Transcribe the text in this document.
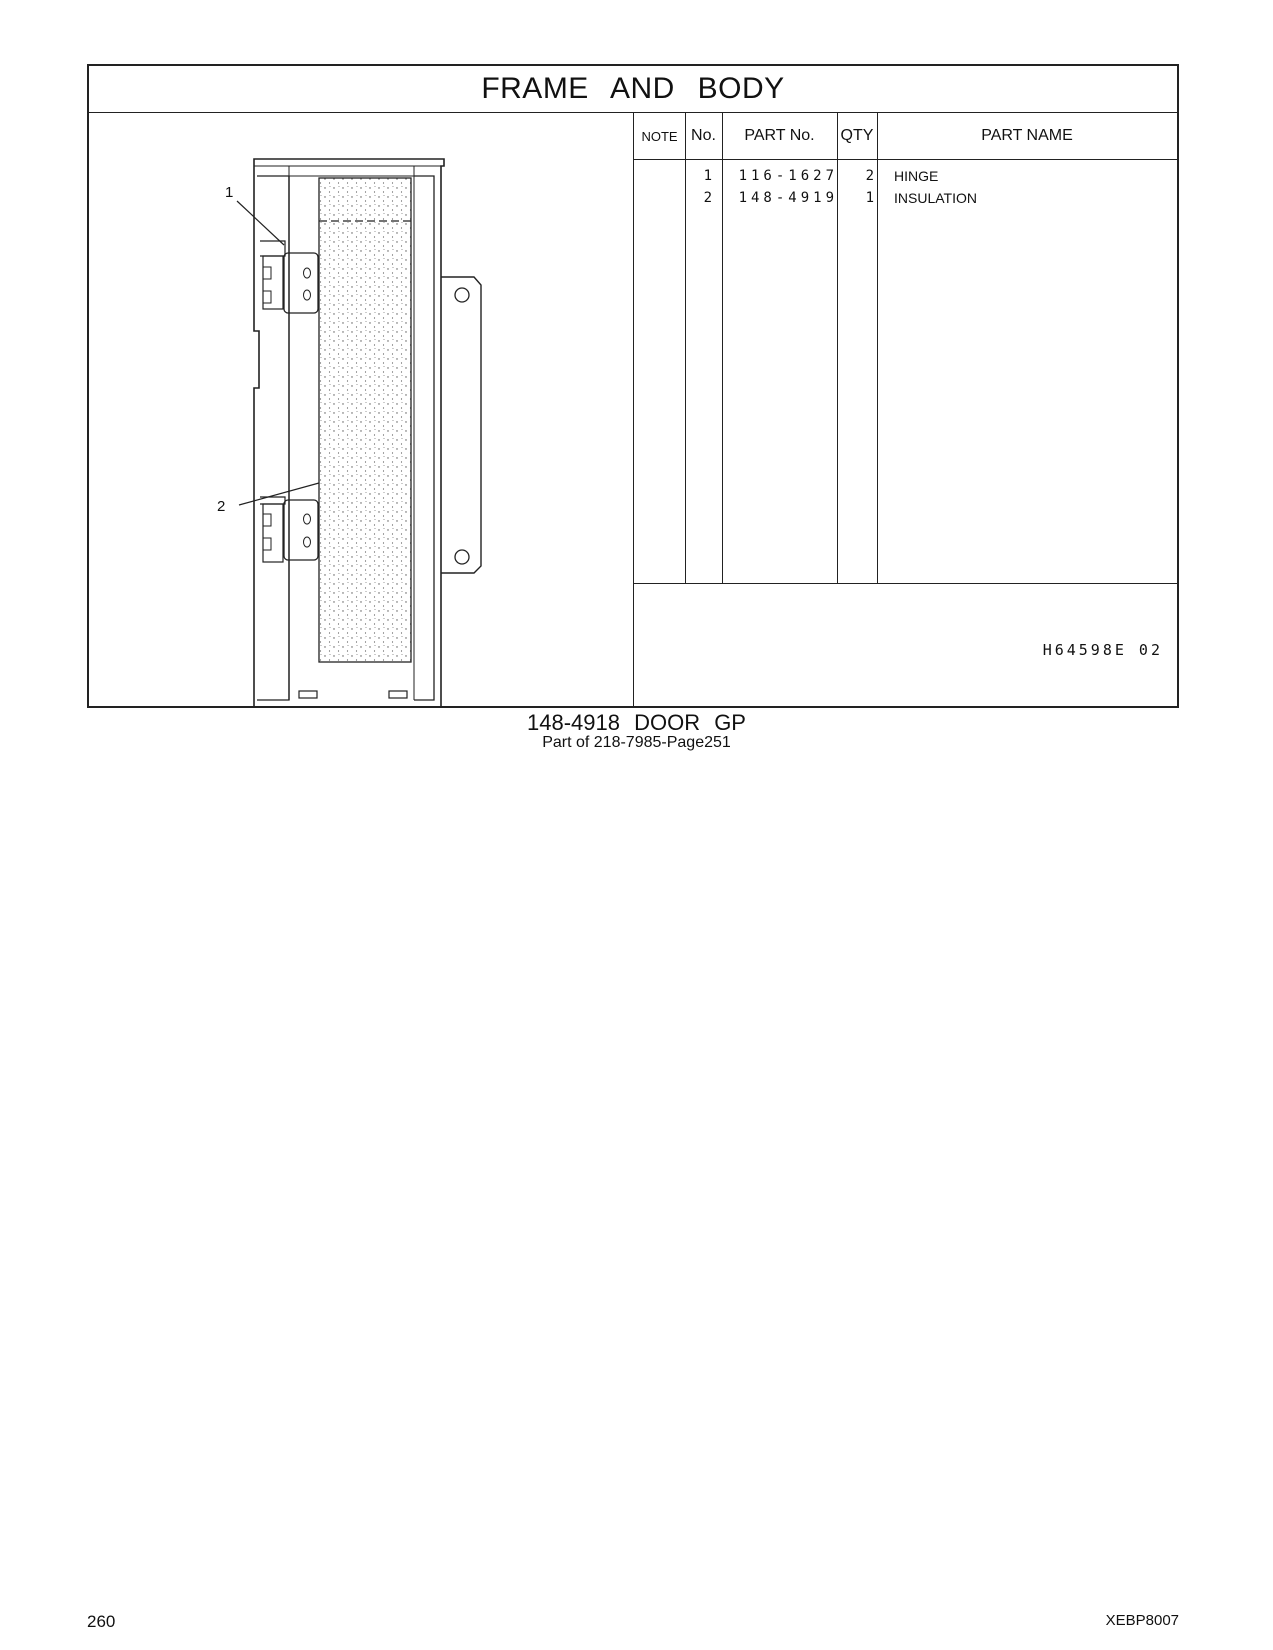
FRAME AND BODY
1
2
NOTE No.	PART No.	QTY	PART NAME
1	116-1627	2 HINGE
2	148-4919	1 INSULATION
H64598E 02
148-4918 DOOR GP
Part of 218-7985-Page251
260	XEBP8007
